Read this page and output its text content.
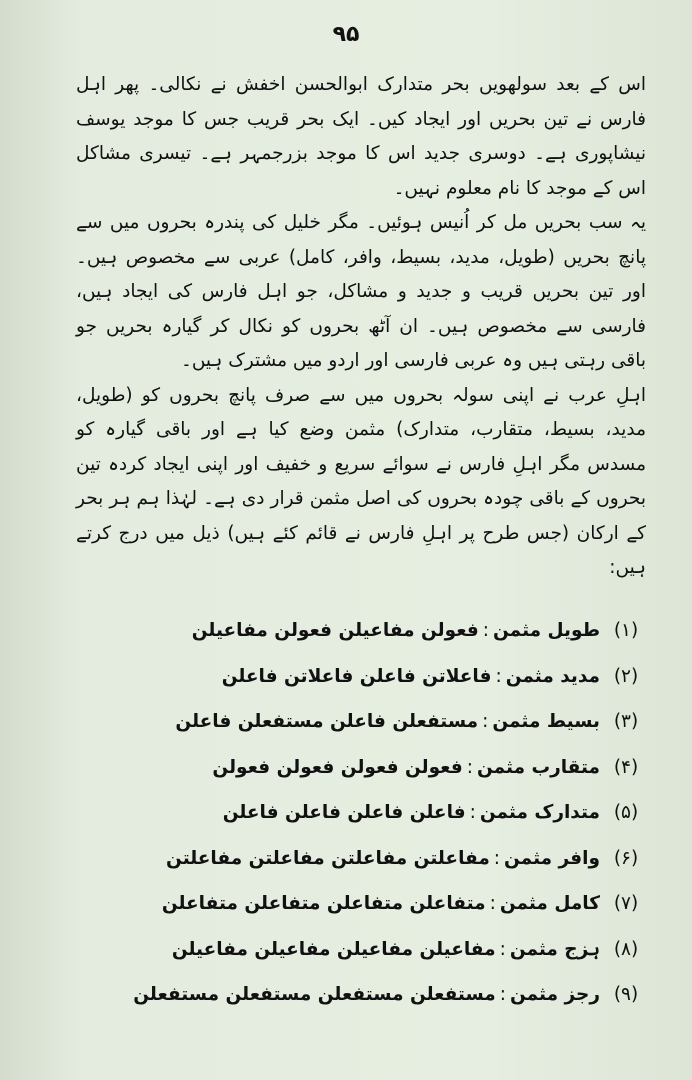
۹۵

اس کے بعد سولھویں بحر متدارک ابوالحسن اخفش نے نکالی۔ پھر اہل فارس نے تین بحریں اور ایجاد کیں۔ ایک بحر قریب جس کا موجد یوسف نیشاپوری ہے۔ دوسری جدید اس کا موجد بزرجمہر ہے۔ تیسری مشاکل اس کے موجد کا نام معلوم نہیں۔

یہ سب بحریں مل کر اُنیس ہوئیں۔ مگر خلیل کی پندرہ بحروں میں سے پانچ بحریں (طویل، مدید، بسیط، وافر، کامل) عربی سے مخصوص ہیں۔ اور تین بحریں قریب و جدید و مشاکل، جو اہل فارس کی ایجاد ہیں، فارسی سے مخصوص ہیں۔ ان آٹھ بحروں کو نکال کر گیارہ بحریں جو باقی رہتی ہیں وہ عربی فارسی اور اردو میں مشترک ہیں۔

اہلِ عرب نے اپنی سولہ بحروں میں سے صرف پانچ بحروں کو (طویل، مدید، بسیط، متقارب، متدارک) مثمن وضع کیا ہے اور باقی گیارہ کو مسدس مگر اہلِ فارس نے سوائے سریع و خفیف اور اپنی ایجاد کردہ تین بحروں کے باقی چودہ بحروں کی اصل مثمن قرار دی ہے۔ لہٰذا ہم ہر بحر کے ارکان (جس طرح پر اہلِ فارس نے قائم کئے ہیں) ذیل میں درج کرتے ہیں:

(۱)
طویل مثمن
:
فعولن مفاعیلن فعولن مفاعیلن
(۲)
مدید مثمن
:
فاعلاتن فاعلن فاعلاتن فاعلن
(۳)
بسیط مثمن
:
مستفعلن فاعلن مستفعلن فاعلن
(۴)
متقارب مثمن
:
فعولن فعولن فعولن فعولن
(۵)
متدارک مثمن
:
فاعلن فاعلن فاعلن فاعلن
(۶)
وافر مثمن
:
مفاعلتن مفاعلتن مفاعلتن مفاعلتن
(۷)
کامل مثمن
:
متفاعلن متفاعلن متفاعلن متفاعلن
(۸)
ہزج مثمن
:
مفاعیلن مفاعیلن مفاعیلن مفاعیلن
(۹)
رجز مثمن
:
مستفعلن مستفعلن مستفعلن مستفعلن
